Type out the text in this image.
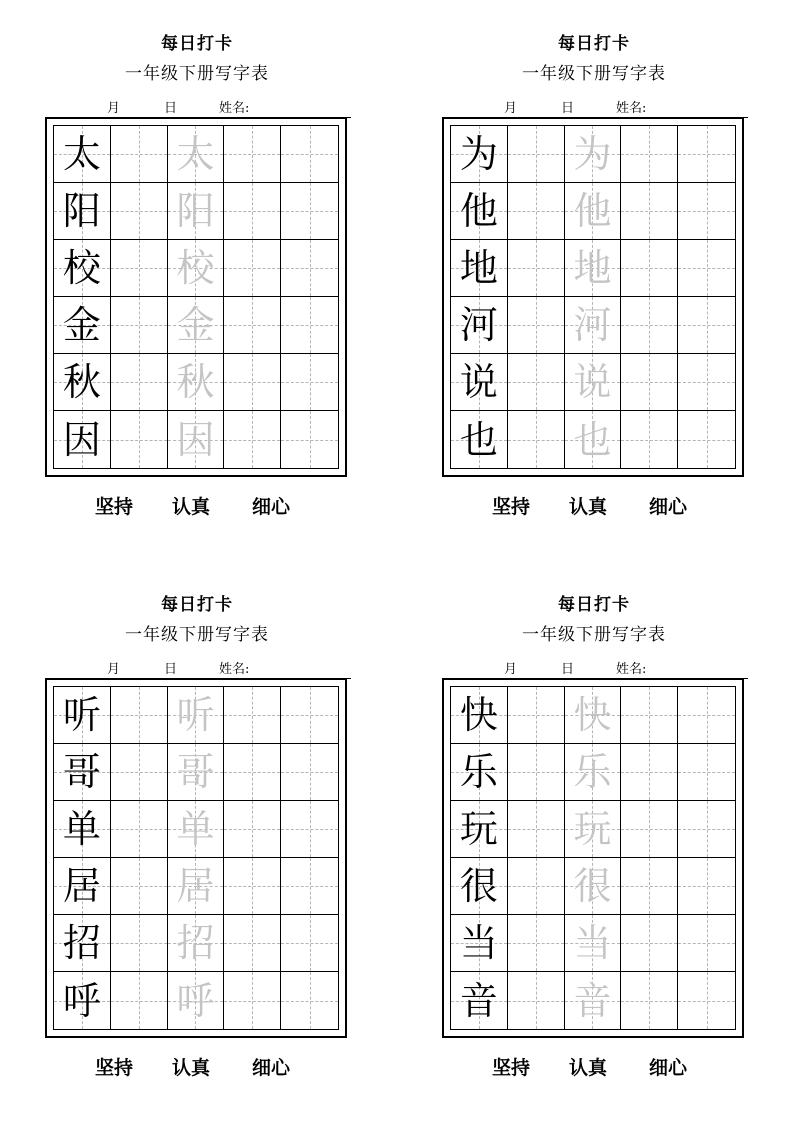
每日打卡
一年级下册写字表
月	日	姓名:
太 太
阳 阳
校 校
金 金
秋 秋
因 因
坚持 认真 细心
每日打卡
一年级下册写字表
月	日	姓名:
为 为
他 他
地 地
河 河
说 说
也 也
坚持 认真 细心
每日打卡
一年级下册写字表
月	日	姓名:
听 听
哥 哥
单 单
居 居
招 招
呼 呼
坚持 认真 细心
每日打卡
一年级下册写字表
月	日	姓名:
快 快
乐 乐
玩 玩
很 很
当 当
音 音
坚持 认真 细心
